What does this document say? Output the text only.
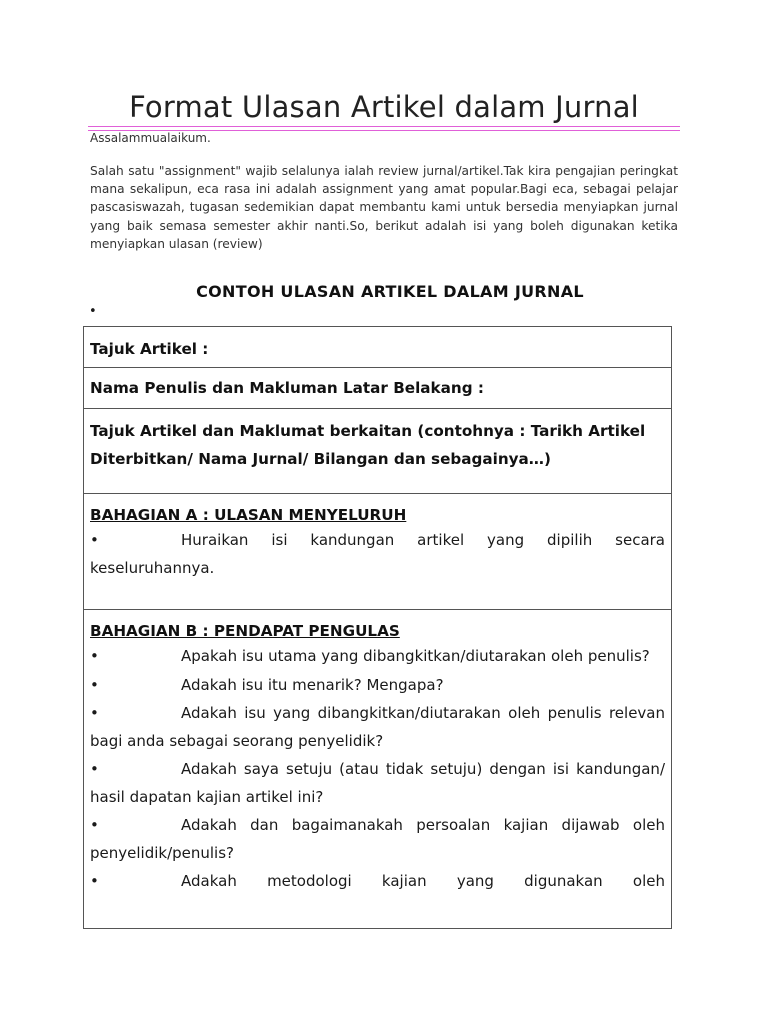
Format Ulasan Artikel dalam Jurnal
Assalammualaikum.
Salah satu "assignment" wajib selalunya ialah review jurnal/artikel.Tak kira pengajian peringkat mana sekalipun, eca rasa ini adalah assignment yang amat popular.Bagi eca, sebagai pelajar pascasiswazah, tugasan sedemikian dapat membantu kami untuk bersedia menyiapkan jurnal yang baik semasa semester akhir nanti.So, berikut adalah isi yang boleh digunakan ketika menyiapkan ulasan (review)
CONTOH ULASAN ARTIKEL DALAM JURNAL
•
Tajuk Artikel :
Nama Penulis dan Makluman Latar Belakang :
Tajuk Artikel dan Maklumat berkaitan (contohnya : Tarikh Artikel Diterbitkan/ Nama Jurnal/ Bilangan dan sebagainya…)
BAHAGIAN A : ULASAN MENYELURUH
•	Huraikan isi kandungan artikel yang dipilih secara keseluruhannya.
BAHAGIAN B : PENDAPAT PENGULAS
•	Apakah isu utama yang dibangkitkan/diutarakan oleh penulis?
•	Adakah isu itu menarik? Mengapa?
•	Adakah isu yang dibangkitkan/diutarakan oleh penulis relevan bagi anda sebagai seorang penyelidik?
•	Adakah saya setuju (atau tidak setuju) dengan isi kandungan/ hasil dapatan kajian artikel ini?
•	Adakah dan bagaimanakah persoalan kajian dijawab oleh penyelidik/penulis?
•	Adakah metodologi kajian yang digunakan oleh
